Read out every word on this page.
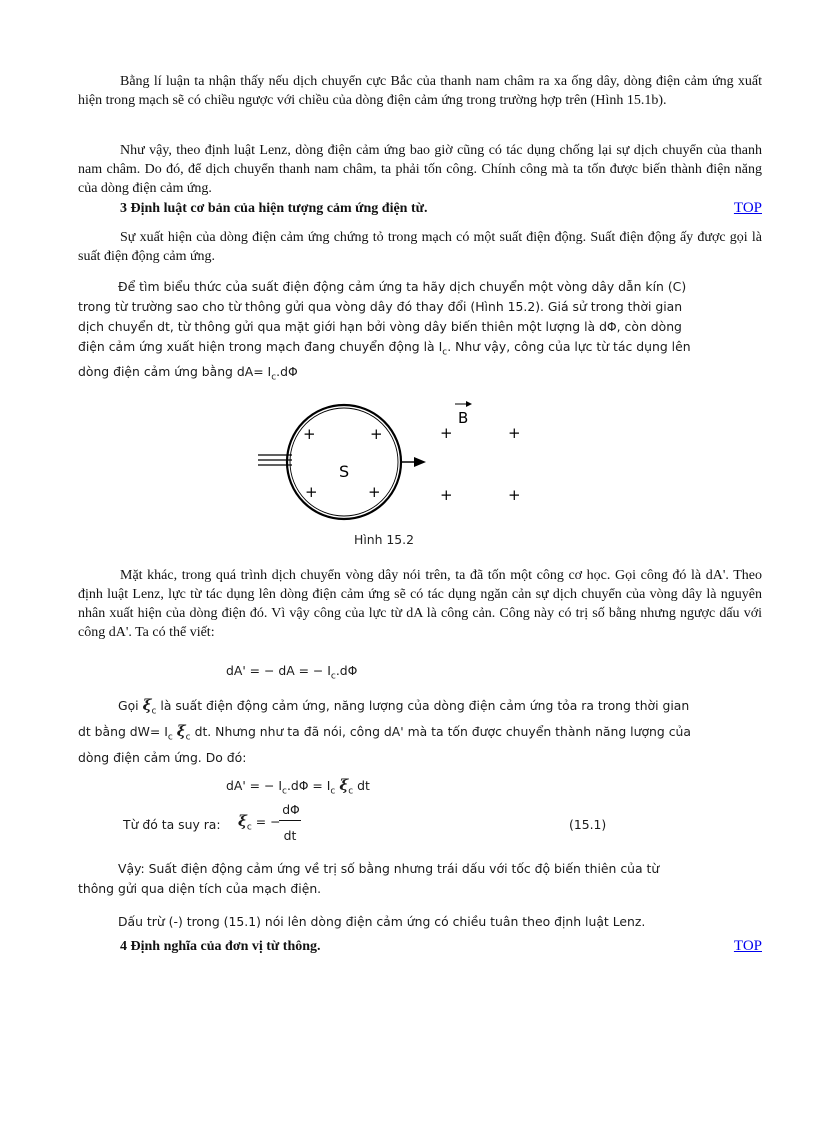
Bằng lí luận ta nhận thấy nếu dịch chuyển cực Bắc của thanh nam châm ra xa ống dây, dòng điện cảm ứng xuất hiện trong mạch sẽ có chiều ngược với chiều của dòng điện cảm ứng trong trường hợp trên (Hình 15.1b).
Như vậy, theo định luật Lenz, dòng điện cảm ứng bao giờ cũng có tác dụng chống lại sự dịch chuyển của thanh nam châm. Do đó, để dịch chuyển thanh nam châm, ta phải tốn công. Chính công mà ta tốn được biến thành điện năng của dòng điện cảm ứng.
3 Định luật cơ bản của hiện tượng cảm ứng điện từ.	TOP
Sự xuất hiện của dòng điện cảm ứng chứng tỏ trong mạch có một suất điện động. Suất điện động ấy được gọi là suất điện động cảm ứng.
Để tìm biểu thức của suất điện động cảm ứng ta hãy dịch chuyển một vòng dây dẫn kín (C) trong từ trường sao cho từ thông gửi qua vòng dây đó thay đổi (Hình 15.2). Giá sử trong thời gian dịch chuyển dt, từ thông gửi qua mặt giới hạn bởi vòng dây biến thiên một lượng là dΦ, còn dòng điện cảm ứng xuất hiện trong mạch đang chuyển động là $I_c$. Như vậy, công của lực từ tác dụng lên dòng điện cảm ứng bằng $dA= I_c.d\Phi$
B
S
+	+	+	+
+	+	+	+
Hình 15.2
Mặt khác, trong quá trình dịch chuyển vòng dây nói trên, ta đã tốn một công cơ học. Gọi công đó là dA'. Theo định luật Lenz, lực từ tác dụng lên dòng điện cảm ứng sẽ có tác dụng ngăn cản sự dịch chuyển của vòng dây là nguyên nhân xuất hiện của dòng điện đó. Vì vậy công của lực từ dA là công cản. Công này có trị số bằng nhưng ngược dấu với công dA'. Ta có thể viết:
dA' = − dA = − $I_c.d\Phi$
Gọi $\xi_c$ là suất điện động cảm ứng, năng lượng của dòng điện cảm ứng tỏa ra trong thời gian dt bằng $dW= I_c$ $\xi_c$ dt. Nhưng như ta đã nói, công dA' mà ta tốn được chuyển thành năng lượng của dòng điện cảm ứng. Do đó:
dA' = − $I_c.d\Phi = I_c$ $\xi_c$ dt
Từ đó ta suy ra: $\xi_c$ = −
dΦ
dt
(15.1)
Vậy: Suất điện động cảm ứng về trị số bằng nhưng trái dấu với tốc độ biến thiên của từ thông gửi qua diện tích của mạch điện.
Dấu trừ (-) trong (15.1) nói lên dòng điện cảm ứng có chiều tuân theo định luật Lenz.
4 Định nghĩa của đơn vị từ thông.	TOP
